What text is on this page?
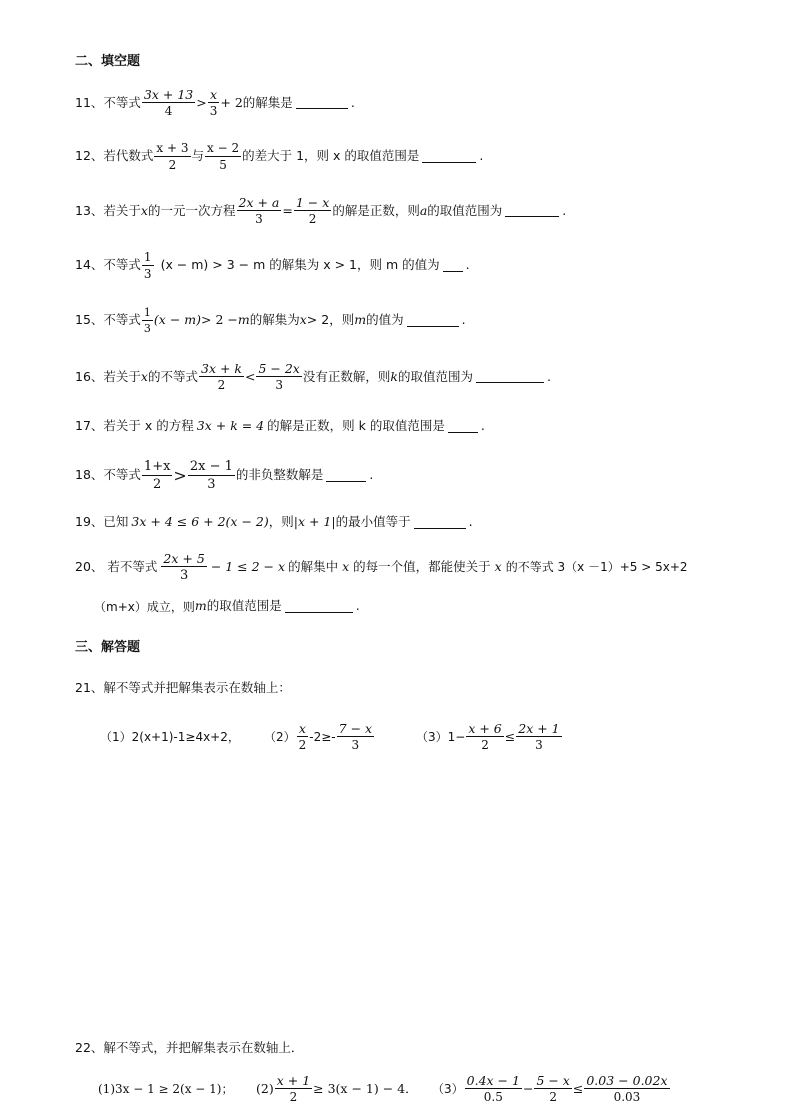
二、填空题
11、 不等式 $\frac{3x + 13}{4} > \frac{x}{3} + 2$ 的解集是	.
12、 若代数式 $\frac{x + 3}{2}$ 与 $\frac{x - 2}{5}$ 的差大于 1，则 x 的取值范围是	.
13、 若关于 x 的一元一次方程 $\frac{2x + a}{3} = \frac{1 - x}{2}$ 的解是正数，则 a 的取值范围为	.
14、 不等式 $\frac{1}{3} (x - m) > 3 - m$ 的解集为 x > 1，则 m 的值为 .
15、 不等式 $\frac{1}{3} (x - m) > 2 - m$ 的解集为 x > 2，则 m 的值为	.
16、 若关于 x 的不等式 $\frac{3x + k}{2} < \frac{5 - 2x}{3}$ 没有正数解，则 k 的取值范围为	.
17、 若关于 x 的方程 3x + k = 4 的解是正数，则 k 的取值范围是	.
18、 不等式 $\frac{1+x}{2} > \frac{2x - 1}{3}$ 的非负整数解是	.
19、 已知 3x + 4 ≤ 6 + 2(x − 2) ，则 |x + 1| 的最小值等于	.
20、 若不等式 $\frac{2x + 5}{3} - 1 \le 2 - x$ 的解集中 x 的每一个值，都能使关于 x 的不等式 3（x －1）+5 > 5x+2
（m+x）成立，则 m 的取值范围是	.
三、解答题
21、 解不等式并把解集表示在数轴上：
（1）2(x+1)-1≥4x+2， $(2) \frac{x}{2} -2\ge- \frac{7 - x}{3}$	$(3)1- \frac{x + 6}{2} \le \frac{2x + 1}{3}$
22、 解不等式，并把解集表示在数轴上．
(1)3x − 1 ≥ 2(x − 1)； $(2) \frac{x + 1}{2} \ge 3(x - 1) - 4$． $(3) \frac{0.4x - 1}{0.5} - \frac{5 - x}{2} \le \frac{0.03 - 0.02x}{0.03}$
